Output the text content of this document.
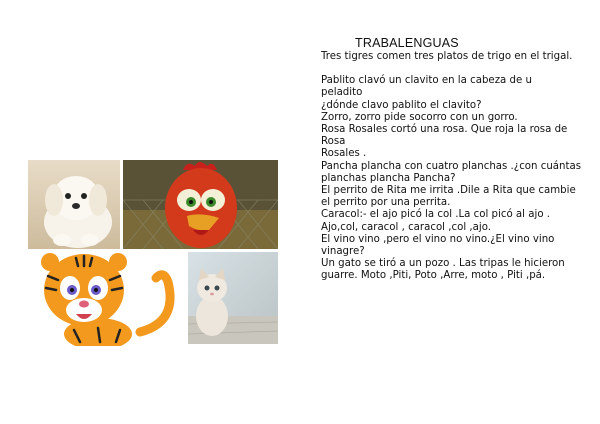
TRABALENGUAS

Tres tigres comen tres platos de trigo en el trigal.

Pablito clavó un clavito en la cabeza de u
peladito

¿dónde clavo pablito el clavito?

Zorro, zorro pide socorro con un gorro.

Rosa Rosales cortó una rosa. Que roja la rosa de
Rosa
Rosales .

Pancha plancha con cuatro planchas .¿con cuántas
planchas plancha Pancha?

El perrito de Rita me irrita .Dile a Rita que cambie
el perrito por una perrita.

Caracol:- el ajo picó la col .La col picó al ajo .

Ajo,col, caracol , caracol ,col ,ajo.

El vino vino ,pero el vino no vino.¿El vino vino
vinagre?

Un gato se tiró a un pozo . Las tripas le hicieron
guarre. Moto ,Piti, Poto ,Arre, moto , Piti ,pá.
